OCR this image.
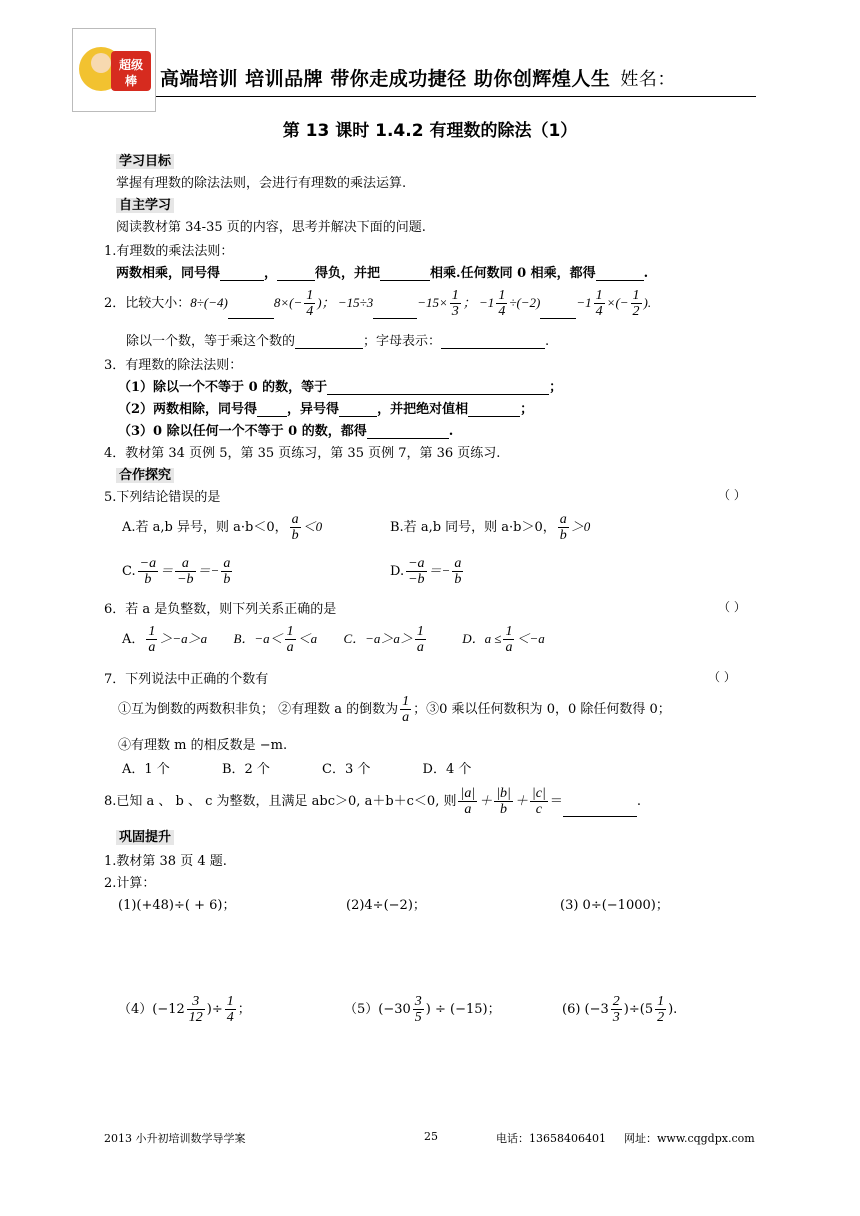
超级
棒 高端培训 培训品牌 带你走成功捷径 助你创辉煌人生 姓名：
第 13 课时 1.4.2 有理数的除法（1）
学习目标
掌握有理数的除法法则，会进行有理数的乘法运算.
自主学习
阅读教材第 34-35 页的内容，思考并解决下面的问题.
1.有理数的乘法法则：
两数相乘，同号得	，	得负，并把	相乘.任何数同 0 相乘，都得	.
2．比较大小：8÷(−4)	$8\times(- \frac{1}{4}$ )； −15÷3	$-15\times \frac{1}{3}$ ； $-1 \frac{1}{4} \div(-2)$	$-1 \frac{1}{4}$ ×(− $\frac{1}{2}$ ).
除以一个数，等于乘这个数的	；字母表示：	.
3．有理数的除法法则：
（1）除以一个不等于 0 的数，等于	；
（2）两数相除，同号得 ，异号得	，并把绝对值相	；
（3）0 除以任何一个不等于 0 的数，都得	.
4．教材第 34 页例 5，第 35 页练习，第 35 页例 7，第 36 页练习.
合作探究
5.下列结论错误的是	（ ）
A.若 a,b 异号，则 a·b＜0， $\frac{a}{b} <0$	B.若 a,b 同号，则 a·b＞0， $\frac{a}{b} >0$
C. $\frac{-a}{b} = \frac{a}{-b} =- \frac{a}{b}$	D. $\frac{-a}{-b} =- \frac{a}{b}$
6．若 a 是负整数，则下列关系正确的是	（ ）
A． $\frac{1}{a} >-a>a$ B．$-a< \frac{1}{a} <a$ C．$-a>a> \frac{1}{a}$	D．$a \le \frac{1}{a} <-a$
7．下列说法中正确的个数有	（ ）
①互为倒数的两数积非负； ②有理数 a 的倒数为 $\frac{1}{a}$ ；③0 乘以任何数积为 0，0 除任何数得 0；
④有理数 m 的相反数是 −m.
A．1 个	B．2 个	C．3 个	D．4 个
8.已知 a 、 b 、 c 为整数，且满足 abc＞0, a＋b＋c＜0, 则 $\frac{|a|}{a} + \frac{|b|}{b} + \frac{|c|}{c}$ ＝	.
巩固提升
1.教材第 38 页 4 题.
2.计算：
(1)(+48)÷( + 6)；	(2)4÷(−2)；	(3) 0÷(−1000)；
$(4)(-12 \frac{3}{12}$ )÷ $\frac{1}{4}$ ；	$(5)(-30 \frac{3}{5}$ ) ÷ (−15)；	(6) $(-3 \frac{2}{3} )\div(5 \frac{1}{2}$ ).
2013 小升初培训数学导学案	25	电话：13658406401 网址：www.cqgdpx.com
